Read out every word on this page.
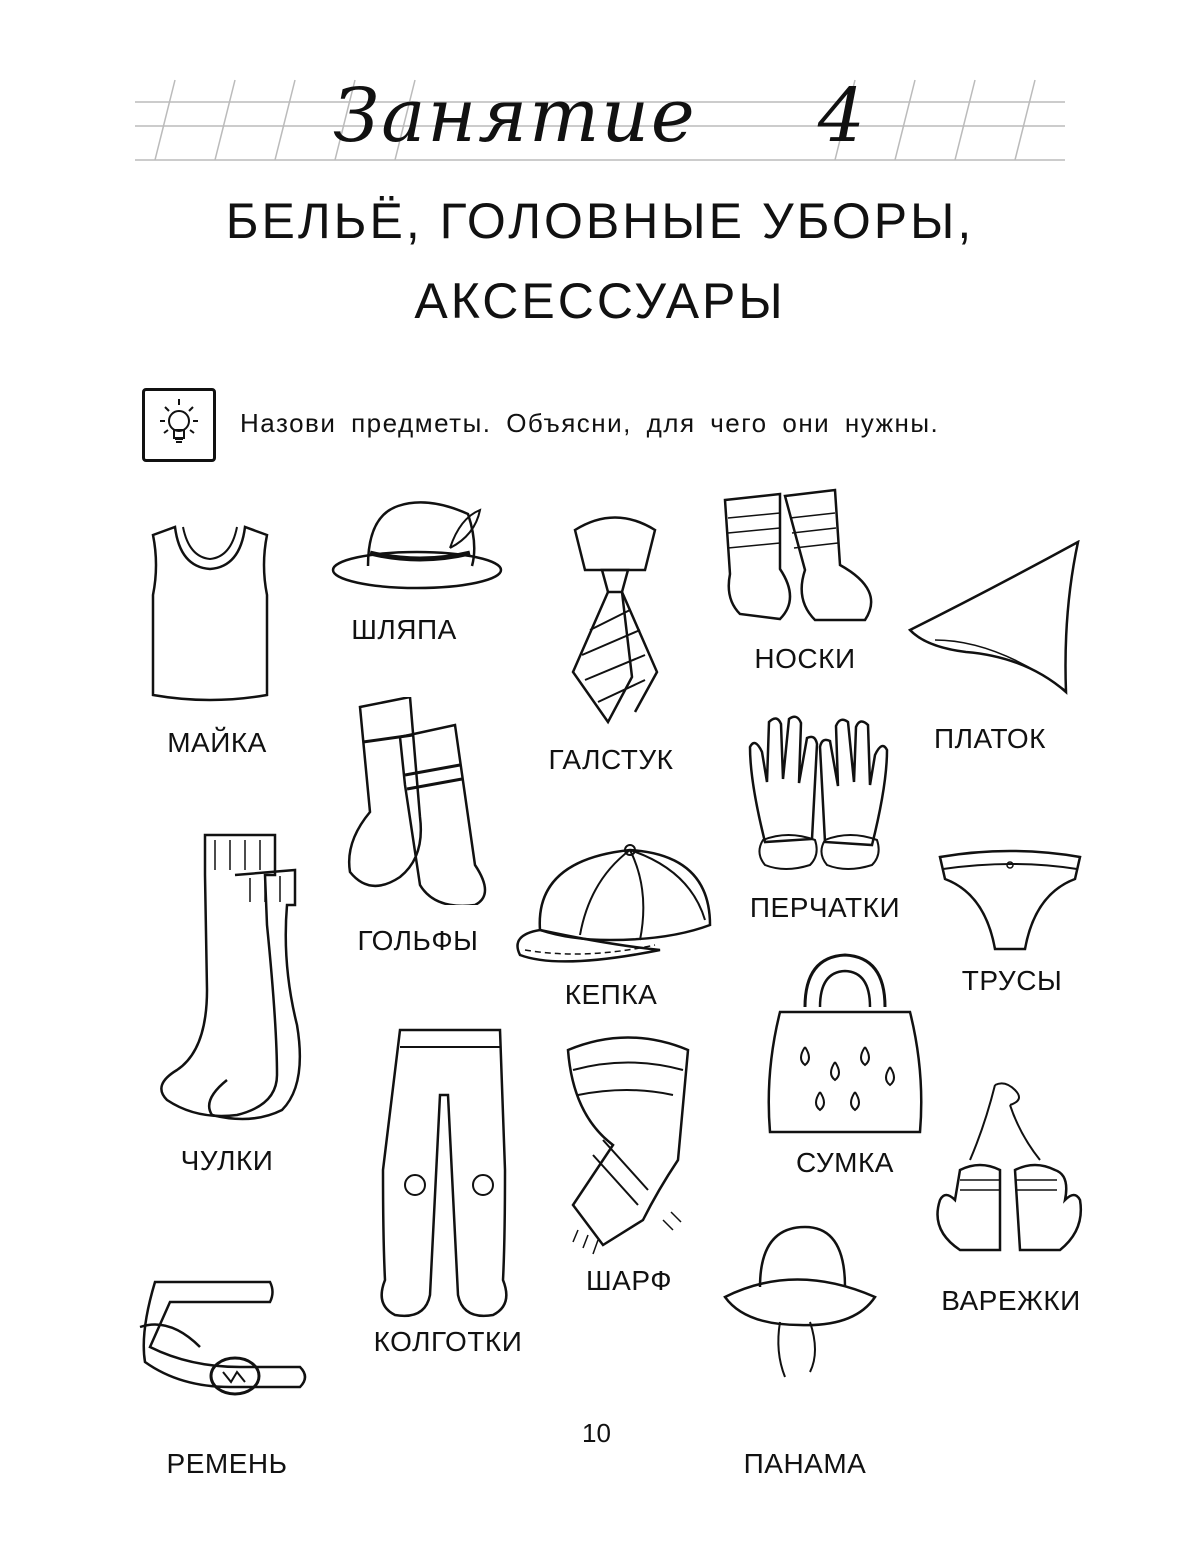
Занятие 4
БЕЛЬЁ, ГОЛОВНЫЕ УБОРЫ,
АКСЕССУАРЫ
Назови предметы. Объясни, для чего они нужны.
МАЙКА
ШЛЯПА
ГАЛСТУК
НОСКИ
ПЛАТОК
ГОЛЬФЫ
ПЕРЧАТКИ
ТРУСЫ
ЧУЛКИ
КЕПКА
СУМКА
КОЛГОТКИ
ШАРФ
ВАРЕЖКИ
РЕМЕНЬ	ПАНАМА
10
